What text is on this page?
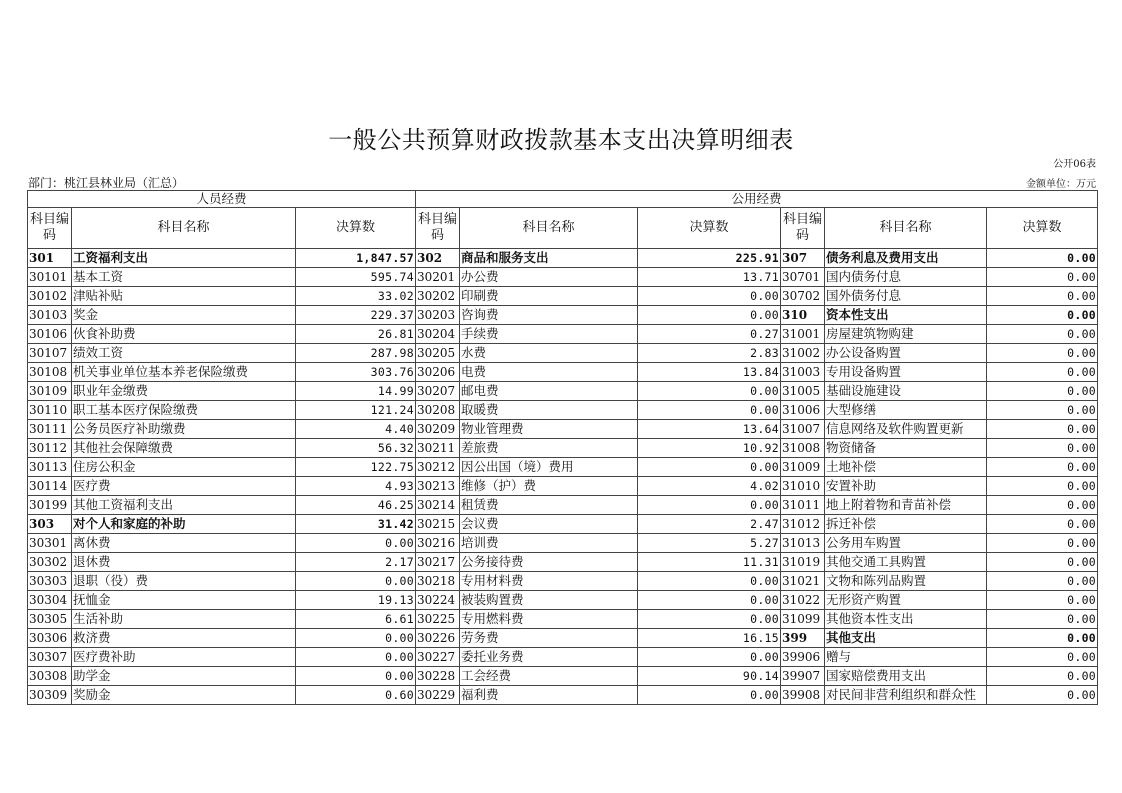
一般公共预算财政拨款基本支出决算明细表
公开06表
部门：桃江县林业局（汇总）	金额单位：万元
人员经费			公用经费					
科目编码	科目名称	决算数	科目编码	科目名称	决算数	科目编码	科目名称	决算数
301	工资福利支出	1,847.57	302	商品和服务支出	225.91	307	债务利息及费用支出	0.00
30101	基本工资	595.74	30201	办公费	13.71	30701	国内债务付息	0.00
30102	津贴补贴	33.02	30202	印刷费	0.00	30702	国外债务付息	0.00
30103	奖金	229.37	30203	咨询费	0.00	310	资本性支出	0.00
30106	伙食补助费	26.81	30204	手续费	0.27	31001	房屋建筑物购建	0.00
30107	绩效工资	287.98	30205	水费	2.83	31002	办公设备购置	0.00
30108	机关事业单位基本养老保险缴费	303.76	30206	电费	13.84	31003	专用设备购置	0.00
30109	职业年金缴费	14.99	30207	邮电费	0.00	31005	基础设施建设	0.00
30110	职工基本医疗保险缴费	121.24	30208	取暖费	0.00	31006	大型修缮	0.00
30111	公务员医疗补助缴费	4.40	30209	物业管理费	13.64	31007	信息网络及软件购置更新	0.00
30112	其他社会保障缴费	56.32	30211	差旅费	10.92	31008	物资储备	0.00
30113	住房公积金	122.75	30212	因公出国（境）费用	0.00	31009	土地补偿	0.00
30114	医疗费	4.93	30213	维修（护）费	4.02	31010	安置补助	0.00
30199	其他工资福利支出	46.25	30214	租赁费	0.00	31011	地上附着物和青苗补偿	0.00
303	对个人和家庭的补助	31.42	30215	会议费	2.47	31012	拆迁补偿	0.00
30301	离休费	0.00	30216	培训费	5.27	31013	公务用车购置	0.00
30302	退休费	2.17	30217	公务接待费	11.31	31019	其他交通工具购置	0.00
30303	退职（役）费	0.00	30218	专用材料费	0.00	31021	文物和陈列品购置	0.00
30304	抚恤金	19.13	30224	被装购置费	0.00	31022	无形资产购置	0.00
30305	生活补助	6.61	30225	专用燃料费	0.00	31099	其他资本性支出	0.00
30306	救济费	0.00	30226	劳务费	16.15	399	其他支出	0.00
30307	医疗费补助	0.00	30227	委托业务费	0.00	39906	赠与	0.00
30308	助学金	0.00	30228	工会经费	90.14	39907	国家赔偿费用支出	0.00
30309	奖励金	0.60	30229	福利费	0.00	39908	对民间非营利组织和群众性	0.00
